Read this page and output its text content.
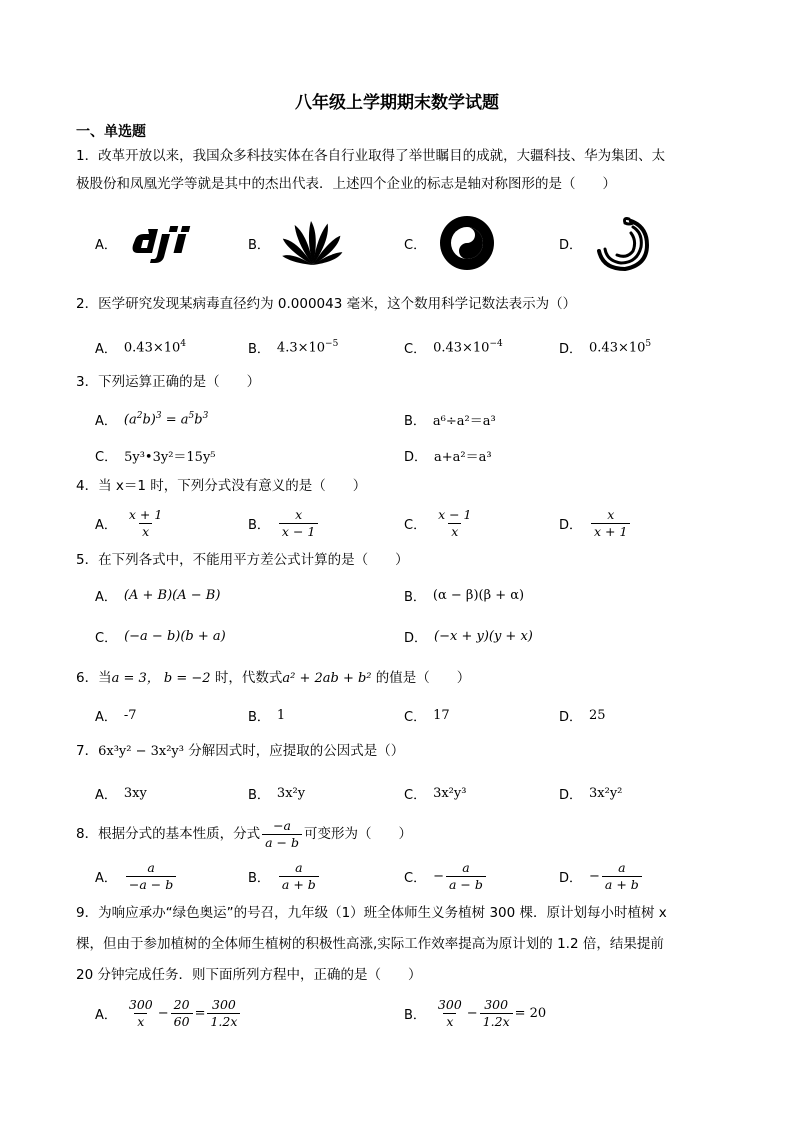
八年级上学期期末数学试题
一、单选题
1．改革开放以来，我国众多科技实体在各自行业取得了举世瞩目的成就，大疆科技、华为集团、太
极股份和凤凰光学等就是其中的杰出代表．上述四个企业的标志是轴对称图形的是（　　）
A．	B．	C．	D．
2．医学研究发现某病毒直径约为 0.000043 毫米，这个数用科学记数法表示为（）
A． $0.43\times 10^4$	B． $4.3\times 10^{-5}$	C． $0.43\times 10^{-4}$	D． $0.43\times 10^5$
3．下列运算正确的是（　　）
A． $(a^2b)^3 = a^5b^3$	B． a⁶÷a²＝a³
C． 5y³•3y²＝15y⁵	D． a+a²＝a³
4．当 x＝1 时，下列分式没有意义的是（　　）
A． $\frac{x + 1}{x}$	B． $\frac{x}{x - 1}$	C． $\frac{x - 1}{x}$	D． $\frac{x}{x + 1}$
5．在下列各式中，不能用平方差公式计算的是（　　）
A． (A + B)(A − B)	B． (α − β)(β + α)
C． (−a − b)(b + a)	D． (−x + y)(y + x)
6．当a = 3， b = −2 时，代数式a² + 2ab + b² 的值是（　　）
A． -7	B． 1	C． 17	D． 25
7．6x³y² − 3x²y³ 分解因式时，应提取的公因式是（）
A． 3xy	B． 3x²y	C． 3x²y³	D． 3x²y²
8．根据分式的基本性质，分式 $\frac{-a}{a - b}$ 可变形为（　　）
A． $\frac{a}{-a - b}$	B． $\frac{a}{a + b}$	C． − $\frac{a}{a - b}$	D． − $\frac{a}{a + b}$
9．为响应承办“绿色奥运”的号召，九年级（1）班全体师生义务植树 300 棵．原计划每小时植树 x
棵，但由于参加植树的全体师生植树的积极性高涨,实际工作效率提高为原计划的 1.2 倍，结果提前
20 分钟完成任务．则下面所列方程中，正确的是（　　）
A． $\frac{300}{x} - \frac{20}{60} = \frac{300}{1.2x}$	B． $\frac{300}{x} - \frac{300}{1.2x} = 20$
